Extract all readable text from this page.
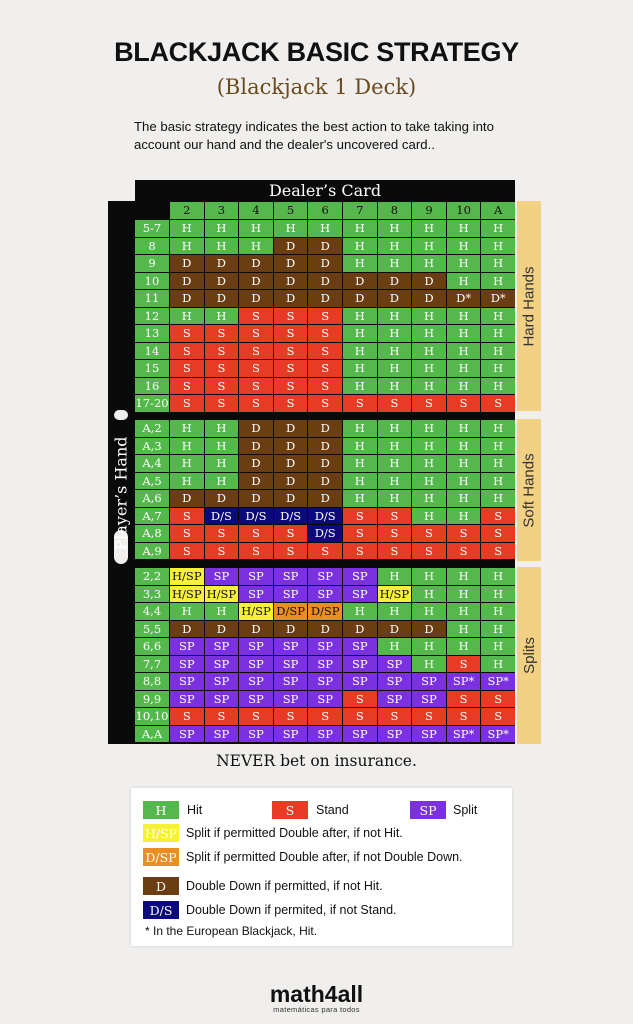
BLACKJACK BASIC STRATEGY
(Blackjack 1 Deck)
The basic strategy indicates the best action to take taking into account our hand and the dealer's uncovered card..
Dealer’s Card
Player’s Hand
2	3	4	5	6	7	8	9	10	A
5-7	H	H	H	H	H	H	H	H	H	H
8	H	H	H	D	D	H	H	H	H	H
9	D	D	D	D	D	H	H	H	H	H
10	D	D	D	D	D	D	D	D	H	H
11	D	D	D	D	D	D	D	D	D*	D*
12	H	H	S	S	S	H	H	H	H	H
13	S	S	S	S	S	H	H	H	H	H
14	S	S	S	S	S	H	H	H	H	H
15	S	S	S	S	S	H	H	H	H	H
16	S	S	S	S	S	H	H	H	H	H
17-20	S	S	S	S	S	S	S	S	S	S
A,2	H	H	D	D	D	H	H	H	H	H
A,3	H	H	D	D	D	H	H	H	H	H
A,4	H	H	D	D	D	H	H	H	H	H
A,5	H	H	D	D	D	H	H	H	H	H
A,6	D	D	D	D	D	H	H	H	H	H
A,7	S	D/S	D/S	D/S	D/S	S	S	H	H	S
A,8	S	S	S	S	D/S	S	S	S	S	S
A,9	S	S	S	S	S	S	S	S	S	S
2,2 H/SP	SP	SP	SP	SP	SP	H	H	H	H
3,3 H/SP H/SP	SP	SP	SP	SP	H/SP	H	H	H
4,4	H	H	H/SP D/SP D/SP	H	H	H	H	H
5,5	D	D	D	D	D	D	D	D	H	H
6,6	SP	SP	SP	SP	SP	SP	H	H	H	H
7,7	SP	SP	SP	SP	SP	SP	SP	H	S	H
8,8	SP	SP	SP	SP	SP	SP	SP	SP	SP*	SP*
9,9	SP	SP	SP	SP	SP	S	SP	SP	S	S
10,10	S	S	S	S	S	S	S	S	S	S
A,A	SP	SP	SP	SP	SP	SP	SP	SP	SP*	SP*
Hard Hands
Soft Hands
Splits
NEVER bet on insurance.
H	Hit	S	Stand	SP	Split
H/SP Split if permitted Double after, if not Hit.
D/SP Split if permitted Double after, if not Double Down.
D	Double Down if permitted, if not Hit.
D/S	Double Down if permited, if not Stand.
* In the European Blackjack, Hit.
math4all
matemáticas para todos
